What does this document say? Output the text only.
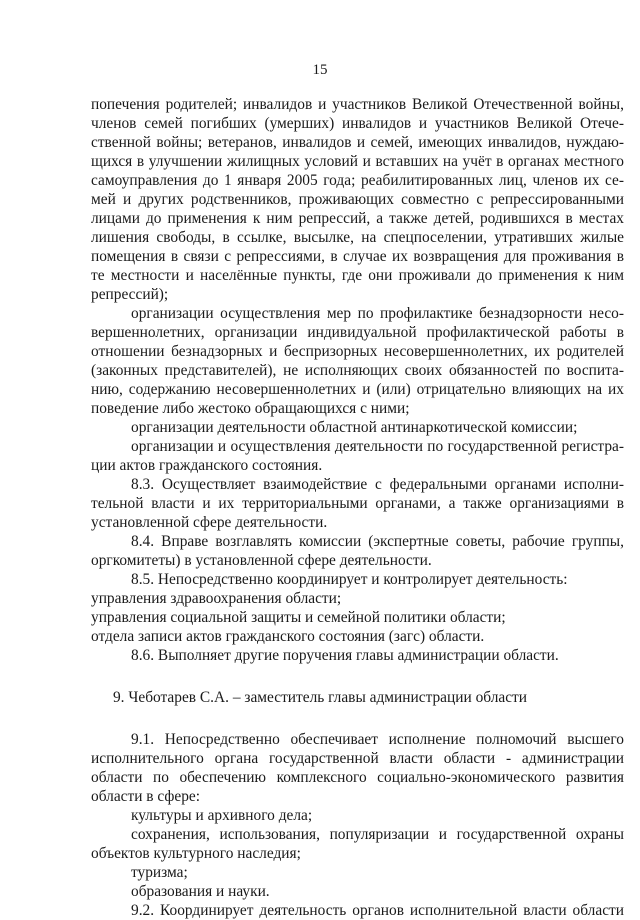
15
попечения родителей; инвалидов и участников Великой Отечественной войны,
членов семей погибших (умерших) инвалидов и участников Великой Отече-
ственной войны; ветеранов, инвалидов и семей, имеющих инвалидов, нуждаю-
щихся в улучшении жилищных условий и вставших на учёт в органах местного
самоуправления до 1 января 2005 года; реабилитированных лиц, членов их се-
мей и других родственников, проживающих совместно с репрессированными
лицами до применения к ним репрессий, а также детей, родившихся в местах
лишения свободы, в ссылке, высылке, на спецпоселении, утративших жилые
помещения в связи с репрессиями, в случае их возвращения для проживания в
те местности и населённые пункты, где они проживали до применения к ним
репрессий);
организации осуществления мер по профилактике безнадзорности несо-
вершеннолетних, организации индивидуальной профилактической работы в
отношении безнадзорных и беспризорных несовершеннолетних, их родителей
(законных представителей), не исполняющих своих обязанностей по воспита-
нию, содержанию несовершеннолетних и (или) отрицательно влияющих на их
поведение либо жестоко обращающихся с ними;
организации деятельности областной антинаркотической комиссии;
организации и осуществления деятельности по государственной регистра-
ции актов гражданского состояния.
8.3. Осуществляет взаимодействие с федеральными органами исполни-
тельной власти и их территориальными органами, а также организациями в
установленной сфере деятельности.
8.4. Вправе возглавлять комиссии (экспертные советы, рабочие группы,
оргкомитеты) в установленной сфере деятельности.
8.5. Непосредственно координирует и контролирует деятельность:
управления здравоохранения области;
управления социальной защиты и семейной политики области;
отдела записи актов гражданского состояния (загс) области.
8.6. Выполняет другие поручения главы администрации области.
9. Чеботарев С.А. – заместитель главы администрации области
9.1. Непосредственно обеспечивает исполнение полномочий высшего
исполнительного органа государственной власти области - администрации
области по обеспечению комплексного социально-экономического развития
области в сфере:
культуры и архивного дела;
сохранения, использования, популяризации и государственной охраны
объектов культурного наследия;
туризма;
образования и науки.
9.2. Координирует деятельность органов исполнительной власти области
